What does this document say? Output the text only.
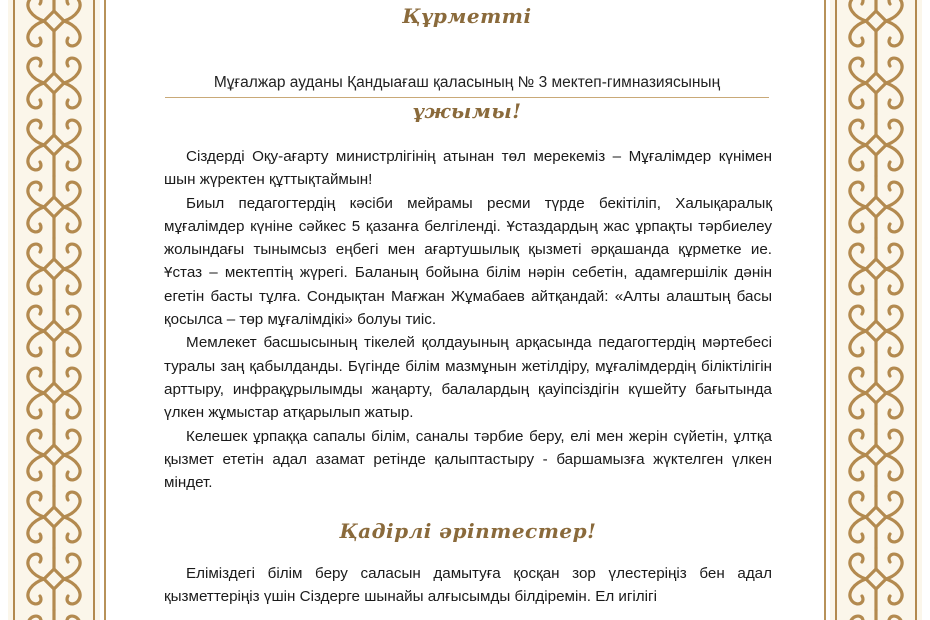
Құрметті
Мұғалжар ауданы Қандыағаш қаласының № 3 мектеп-гимназиясының
ұжымы!

Сіздерді Оқу-ағарту министрлігінің атынан төл мерекеміз – Мұғалімдер күнімен шын жүректен құттықтаймын!

Биыл педагогтердің кәсіби мейрамы ресми түрде бекітіліп, Халықаралық мұғалімдер күніне сәйкес 5 қазанға белгіленді. Ұстаздардың жас ұрпақты тәрбиелеу жолындағы тынымсыз еңбегі мен ағартушылық қызметі әрқашанда құрметке ие. Ұстаз – мектептің жүрегі. Баланың бойына білім нәрін себетін, адамгершілік дәнін егетін басты тұлға. Сондықтан Мағжан Жұмабаев айтқандай: «Алты алаштың басы қосылса – төр мұғалімдікі» болуы тиіс.

Мемлекет басшысының тікелей қолдауының арқасында педагогтердің мәртебесі туралы заң қабылданды. Бүгінде білім мазмұнын жетілдіру, мұғалімдердің біліктілігін арттыру, инфрақұрылымды жаңарту, балалардың қауіпсіздігін күшейту бағытында үлкен жұмыстар атқарылып жатыр.

Келешек ұрпаққа сапалы білім, саналы тәрбие беру, елі мен жерін сүйетін, ұлтқа қызмет ететін адал азамат ретінде қалыптастыру - баршамызға жүктелген үлкен міндет.

Қадірлі әріптестер!

Еліміздегі білім беру саласын дамытуға қосқан зор үлестеріңіз бен адал қызметтеріңіз үшін Сіздерге шынайы алғысымды білдіремін. Ел игілігі
